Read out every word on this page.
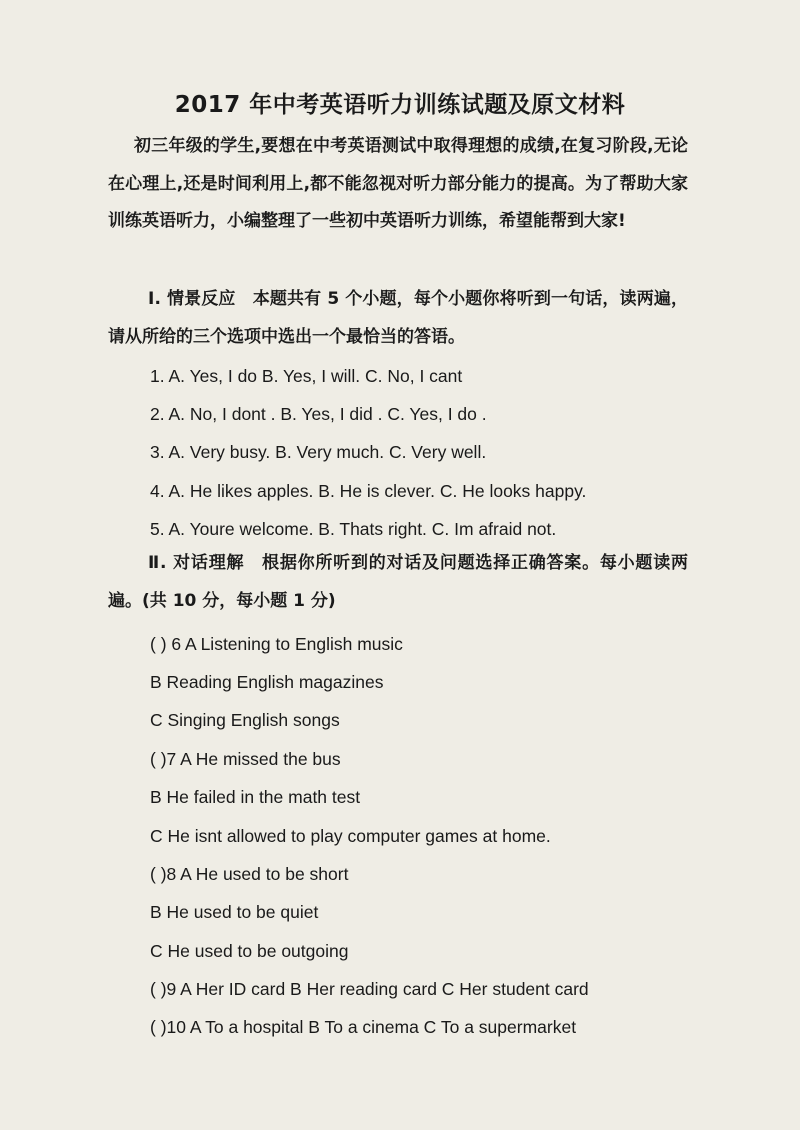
2017 年中考英语听力训练试题及原文材料
初三年级的学生,要想在中考英语测试中取得理想的成绩,在复习阶段,无论在心理上,还是时间利用上,都不能忽视对听力部分能力的提高。为了帮助大家训练英语听力，小编整理了一些初中英语听力训练，希望能帮到大家!
Ⅰ. 情景反应　本题共有 5 个小题，每个小题你将听到一句话，读两遍，请从所给的三个选项中选出一个最恰当的答语。
1. A. Yes, I do B. Yes, I will. C. No, I cant
2. A. No, I dont . B. Yes, I did . C. Yes, I do .
3. A. Very busy. B. Very much. C. Very well.
4. A. He likes apples. B. He is clever. C. He looks happy.
5. A. Youre welcome. B. Thats right. C. Im afraid not.
Ⅱ. 对话理解　根据你所听到的对话及问题选择正确答案。每小题读两遍。(共 10 分，每小题 1 分)
( ) 6 A Listening to English music
B Reading English magazines
C Singing English songs
( )7 A He missed the bus
B He failed in the math test
C He isnt allowed to play computer games at home.
( )8 A He used to be short
B He used to be quiet
C He used to be outgoing
( )9 A Her ID card B Her reading card C Her student card
( )10 A To a hospital B To a cinema C To a supermarket
